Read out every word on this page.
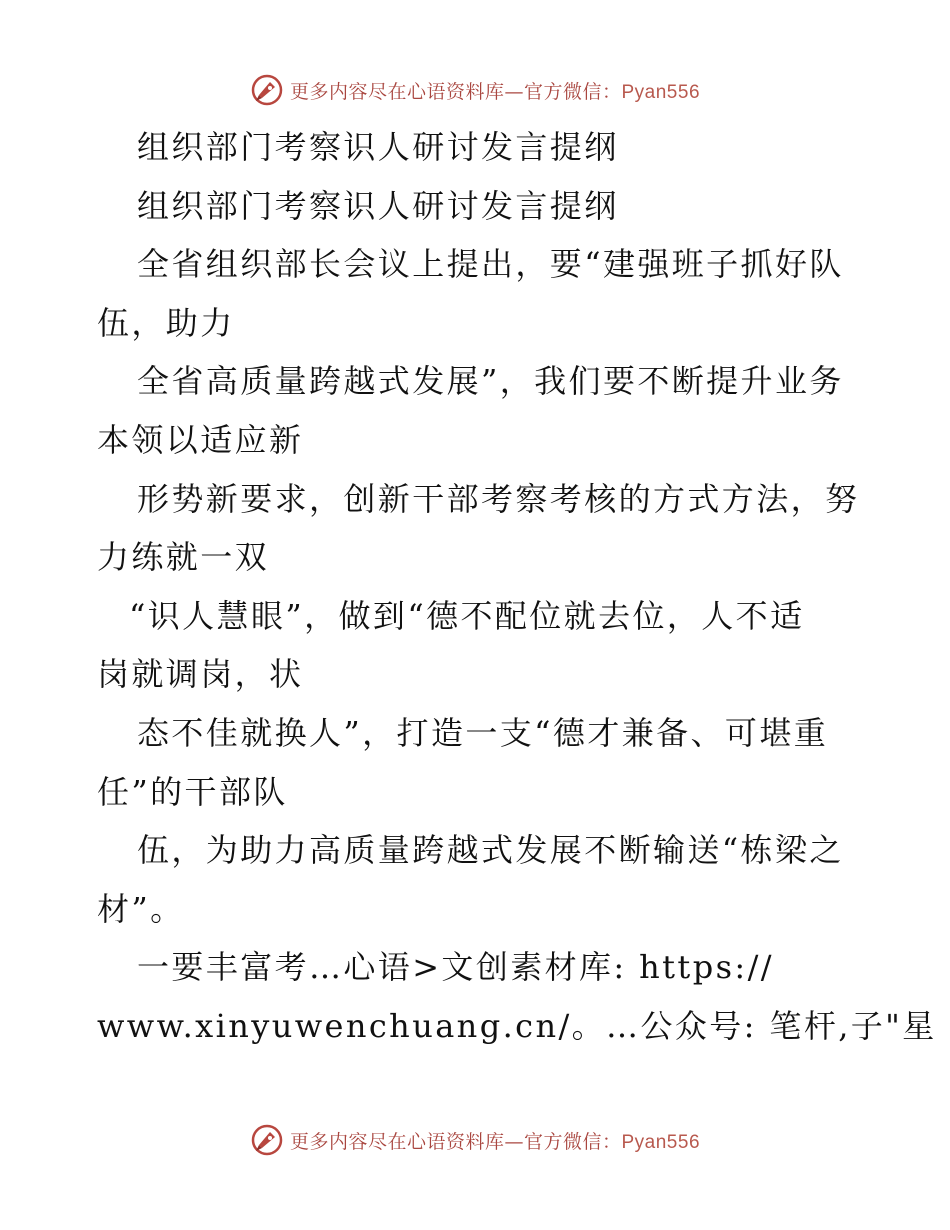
更多内容尽在心语资料库—官方微信：Pyan556
组织部门考察识人研讨发言提纲
组织部门考察识人研讨发言提纲
全省组织部长会议上提出，要“建强班子抓好队
伍，助力
全省高质量跨越式发展”，我们要不断提升业务
本领以适应新
形势新要求，创新干部考察考核的方式方法，努
力练就一双
“识人慧眼”，做到“德不配位就去位，人不适
岗就调岗，状
态不佳就换人”，打造一支“德才兼备、可堪重
任”的干部队
伍，为助力高质量跨越式发展不断输送“栋梁之
材”。
一要丰富考…心语>文创素材库: https://
www.xinyuwenchuang.cn/。…公众号: 笔杆,子"星
更多内容尽在心语资料库—官方微信：Pyan556
